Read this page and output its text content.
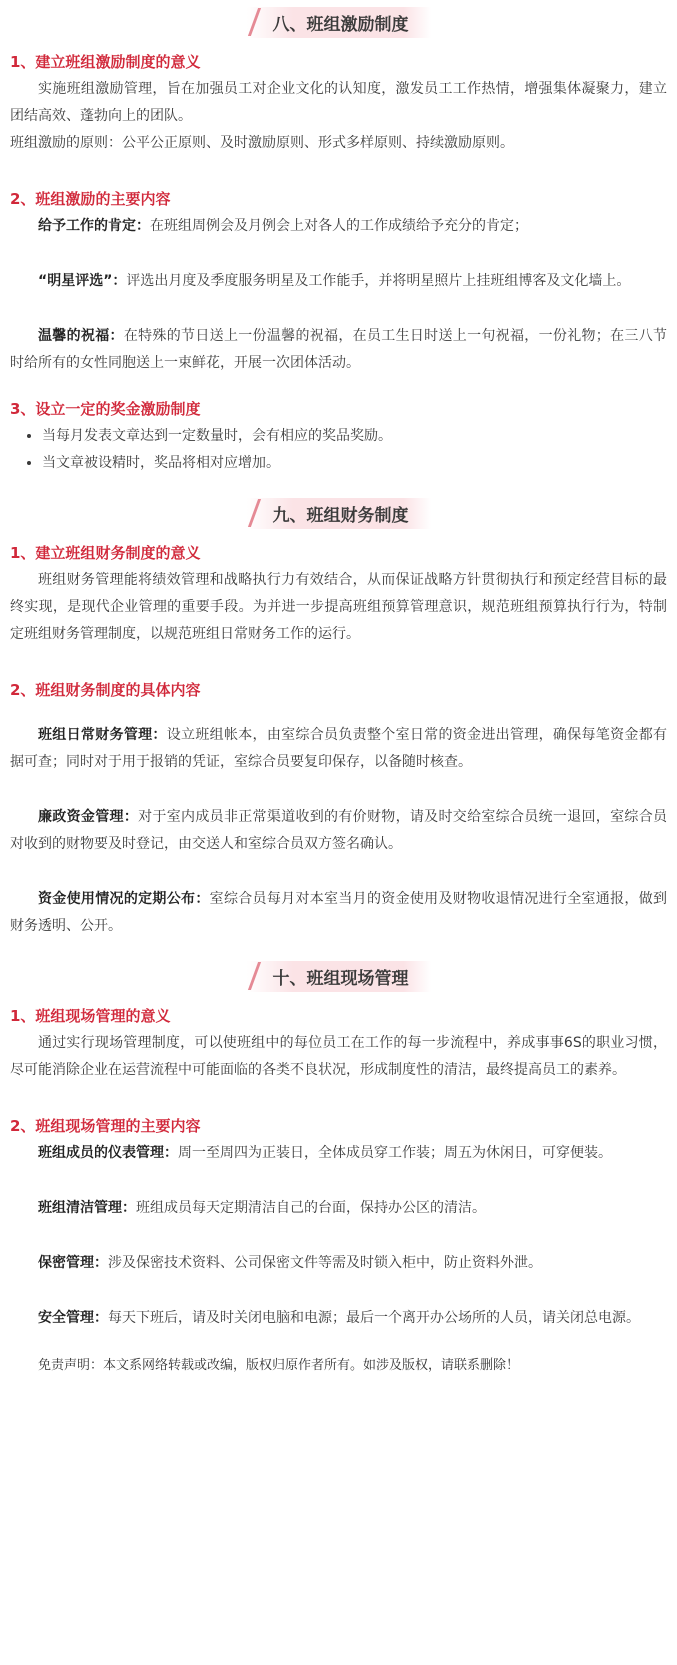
八、班组激励制度
1、建立班组激励制度的意义

实施班组激励管理，旨在加强员工对企业文化的认知度，激发员工工作热情，增强集体凝聚力，建立团结高效、蓬勃向上的团队。

班组激励的原则：公平公正原则、及时激励原则、形式多样原则、持续激励原则。

2、班组激励的主要内容

给予工作的肯定：在班组周例会及月例会上对各人的工作成绩给予充分的肯定；

“明星评选”：评选出月度及季度服务明星及工作能手，并将明星照片上挂班组博客及文化墙上。

温馨的祝福：在特殊的节日送上一份温馨的祝福，在员工生日时送上一句祝福，一份礼物；在三八节时给所有的女性同胞送上一束鲜花，开展一次团体活动。

3、设立一定的奖金激励制度
• 当每月发表文章达到一定数量时，会有相应的奖品奖励。
• 当文章被设精时，奖品将相对应增加。
九、班组财务制度
1、建立班组财务制度的意义

班组财务管理能将绩效管理和战略执行力有效结合，从而保证战略方针贯彻执行和预定经营目标的最终实现，是现代企业管理的重要手段。为并进一步提高班组预算管理意识，规范班组预算执行行为，特制定班组财务管理制度，以规范班组日常财务工作的运行。

2、班组财务制度的具体内容

班组日常财务管理：设立班组帐本，由室综合员负责整个室日常的资金进出管理，确保每笔资金都有据可查；同时对于用于报销的凭证，室综合员要复印保存，以备随时核查。

廉政资金管理：对于室内成员非正常渠道收到的有价财物，请及时交给室综合员统一退回，室综合员对收到的财物要及时登记，由交送人和室综合员双方签名确认。

资金使用情况的定期公布：室综合员每月对本室当月的资金使用及财物收退情况进行全室通报，做到财务透明、公开。

十、班组现场管理
1、班组现场管理的意义

通过实行现场管理制度，可以使班组中的每位员工在工作的每一步流程中，养成事事6S的职业习惯，尽可能消除企业在运营流程中可能面临的各类不良状况，形成制度性的清洁，最终提高员工的素养。

2、班组现场管理的主要内容

班组成员的仪表管理：周一至周四为正装日，全体成员穿工作装；周五为休闲日，可穿便装。

班组清洁管理：班组成员每天定期清洁自己的台面，保持办公区的清洁。

保密管理：涉及保密技术资料、公司保密文件等需及时锁入柜中，防止资料外泄。

安全管理：每天下班后，请及时关闭电脑和电源；最后一个离开办公场所的人员，请关闭总电源。

免责声明：本文系网络转载或改编，版权归原作者所有。如涉及版权，请联系删除！
